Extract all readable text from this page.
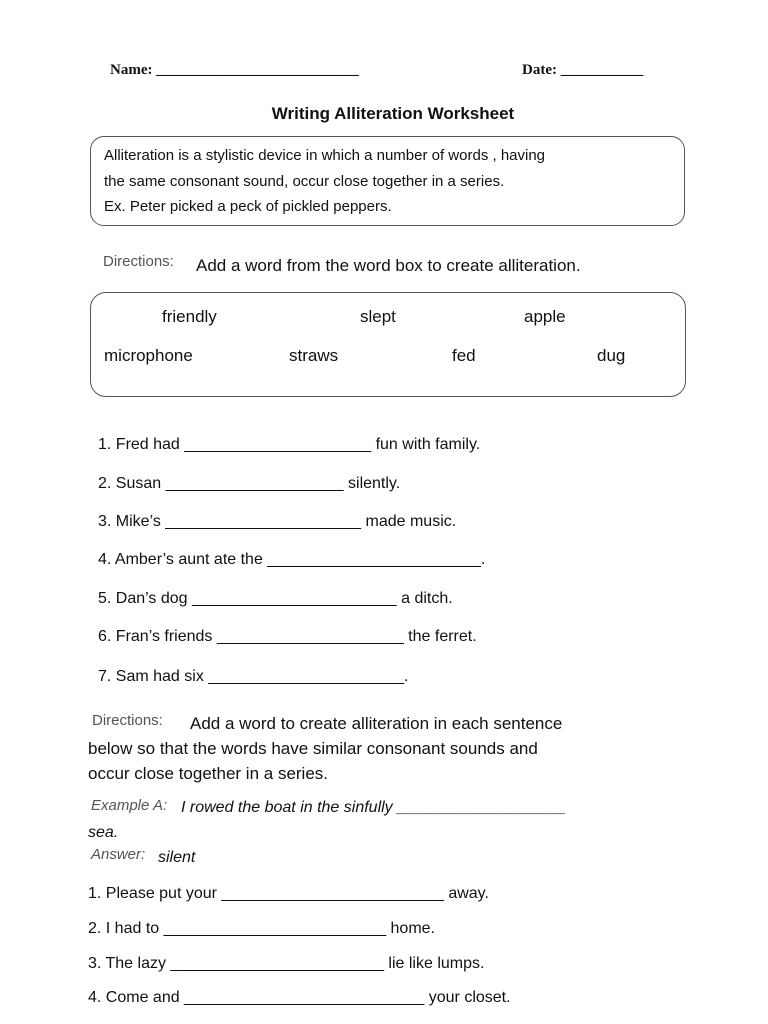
Name: ___________________________	Date: ___________
Writing Alliteration Worksheet
Alliteration is a stylistic device in which a number of words , having
the same consonant sound, occur close together in a series.
Ex. Peter picked a peck of pickled peppers.
Directions: Add a word from the word box to create alliteration.
friendly	slept	apple
microphone	straws	fed	dug
1. Fred had _____________________ fun with family.
2. Susan ____________________ silently.
3. Mike’s ______________________ made music.
4. Amber’s aunt ate the ________________________.
5. Dan’s dog _______________________ a ditch.
6. Fran’s friends _____________________ the ferret.
7. Sam had six ______________________.
Directions: Add a word to create alliteration in each sentence
below so that the words have similar consonant sounds and
occur close together in a series.
Example A: I rowed the boat in the sinfully ___________________
sea.
Answer: silent
1. Please put your _________________________ away.
2. I had to _________________________ home.
3. The lazy ________________________ lie like lumps.
4. Come and ___________________________ your closet.
